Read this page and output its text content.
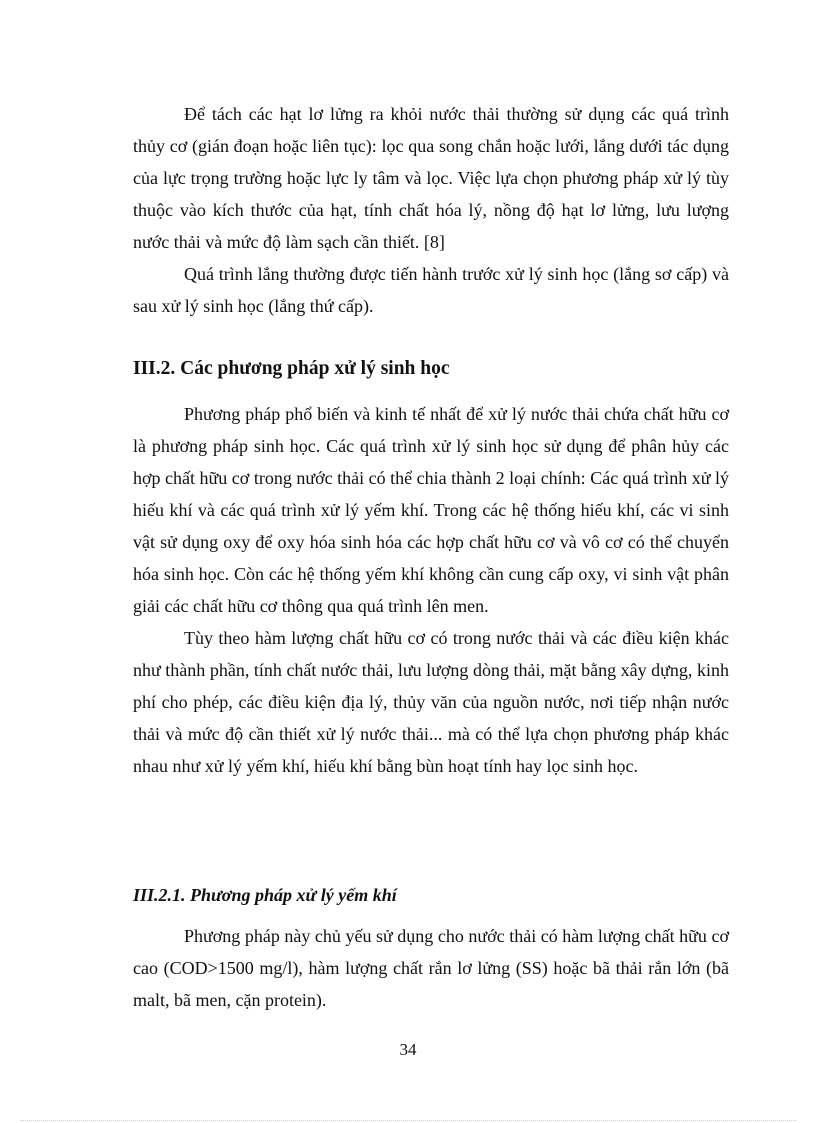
Để tách các hạt lơ lửng ra khỏi nước thải thường sử dụng các quá trình thủy cơ (gián đoạn hoặc liên tục): lọc qua song chắn hoặc lưới, lắng dưới tác dụng của lực trọng trường hoặc lực ly tâm và lọc. Việc lựa chọn phương pháp xử lý tùy thuộc vào kích thước của hạt, tính chất hóa lý, nồng độ hạt lơ lửng, lưu lượng nước thải và mức độ làm sạch cần thiết. [8]

Quá trình lắng thường được tiến hành trước xử lý sinh học (lắng sơ cấp) và sau xử lý sinh học (lắng thứ cấp).

III.2. Các phương pháp xử lý sinh học

Phương pháp phổ biến và kinh tế nhất để xử lý nước thải chứa chất hữu cơ là phương pháp sinh học. Các quá trình xử lý sinh học sử dụng để phân hủy các hợp chất hữu cơ trong nước thải có thể chia thành 2 loại chính: Các quá trình xử lý hiếu khí và các quá trình xử lý yếm khí. Trong các hệ thống hiếu khí, các vi sinh vật sử dụng oxy để oxy hóa sinh hóa các hợp chất hữu cơ và vô cơ có thể chuyển hóa sinh học. Còn các hệ thống yếm khí không cần cung cấp oxy, vi sinh vật phân giải các chất hữu cơ thông qua quá trình lên men.

Tùy theo hàm lượng chất hữu cơ có trong nước thải và các điều kiện khác như thành phần, tính chất nước thải, lưu lượng dòng thải, mặt bằng xây dựng, kinh phí cho phép, các điều kiện địa lý, thủy văn của nguồn nước, nơi tiếp nhận nước thải và mức độ cần thiết xử lý nước thải... mà có thể lựa chọn phương pháp khác nhau như xử lý yếm khí, hiếu khí bằng bùn hoạt tính hay lọc sinh học.

III.2.1. Phương pháp xử lý yếm khí

Phương pháp này chủ yếu sử dụng cho nước thải có hàm lượng chất hữu cơ cao (COD>1500 mg/l), hàm lượng chất rắn lơ lửng (SS) hoặc bã thải rắn lớn (bã malt, bã men, cặn protein).

34
